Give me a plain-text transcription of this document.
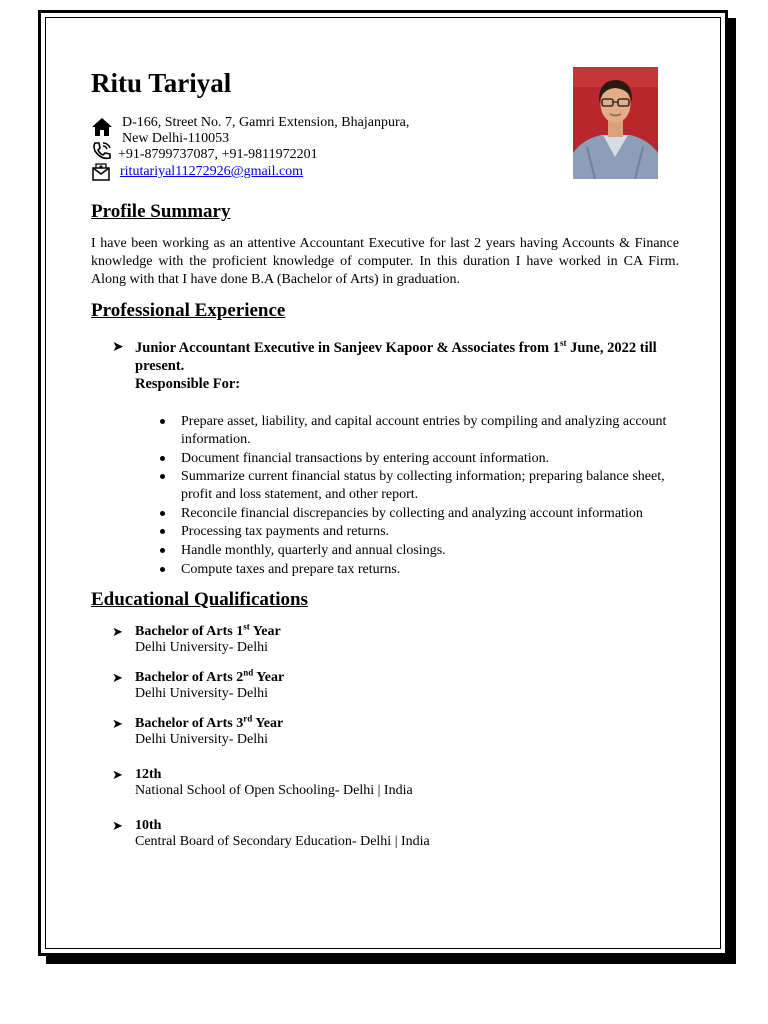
Ritu Tariyal
D-166, Street No. 7, Gamri Extension, Bhajanpura,
New Delhi-110053
+91-8799737087, +91-9811972201
ritutariyal11272926@gmail.com
Profile Summary

I have been working as an attentive Accountant Executive for last 2 years having Accounts & Finance knowledge with the proficient knowledge of computer. In this duration I have worked in CA Firm. Along with that I have done B.A (Bachelor of Arts) in graduation.

Professional Experience
➤ Junior Accountant Executive in Sanjeev Kapoor & Associates from 1st June, 2022 till present.
Responsible For:
Prepare asset, liability, and capital account entries by compiling and analyzing account information.
Document financial transactions by entering account information.
Summarize current financial status by collecting information; preparing balance sheet, profit and loss statement, and other report.
Reconcile financial discrepancies by collecting and analyzing account information
Processing tax payments and returns.
Handle monthly, quarterly and annual closings.
Compute taxes and prepare tax returns.
Educational Qualifications
➤ Bachelor of Arts 1st Year
Delhi University- Delhi
➤ Bachelor of Arts 2nd Year
Delhi University- Delhi
➤ Bachelor of Arts 3rd Year
Delhi University- Delhi
➤ 12th
National School of Open Schooling- Delhi | India
➤ 10th
Central Board of Secondary Education- Delhi | India
